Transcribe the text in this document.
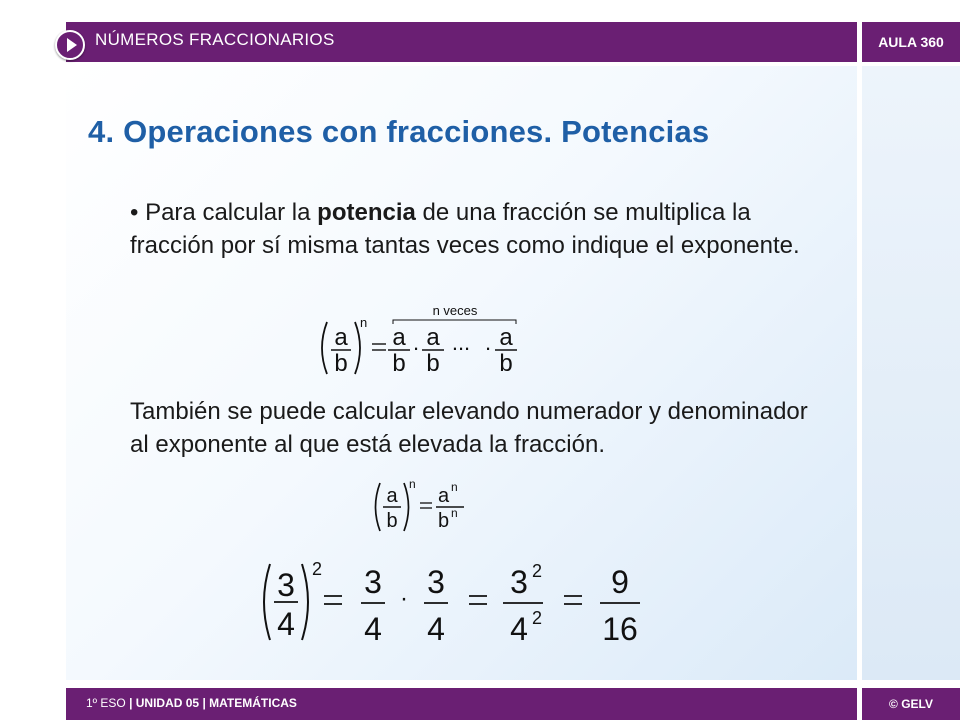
AULA 360
NÚMEROS FRACCIONARIOS
4. Operaciones con fracciones. Potencias

• Para calcular la potencia de una fracción se multiplica la fracción por sí misma tantas veces como indique el exponente.

a
b
n
n veces
a
b
. a
b
... . a
b

También se puede calcular elevando numerador y denominador al exponente al que está elevada la fracción.

a
b
n
a n
b n
3
4
2 3
4
· 3
4
3 2
4 2
9
16
1º ESO | UNIDAD 05 | MATEMÁTICAS	© GELV
